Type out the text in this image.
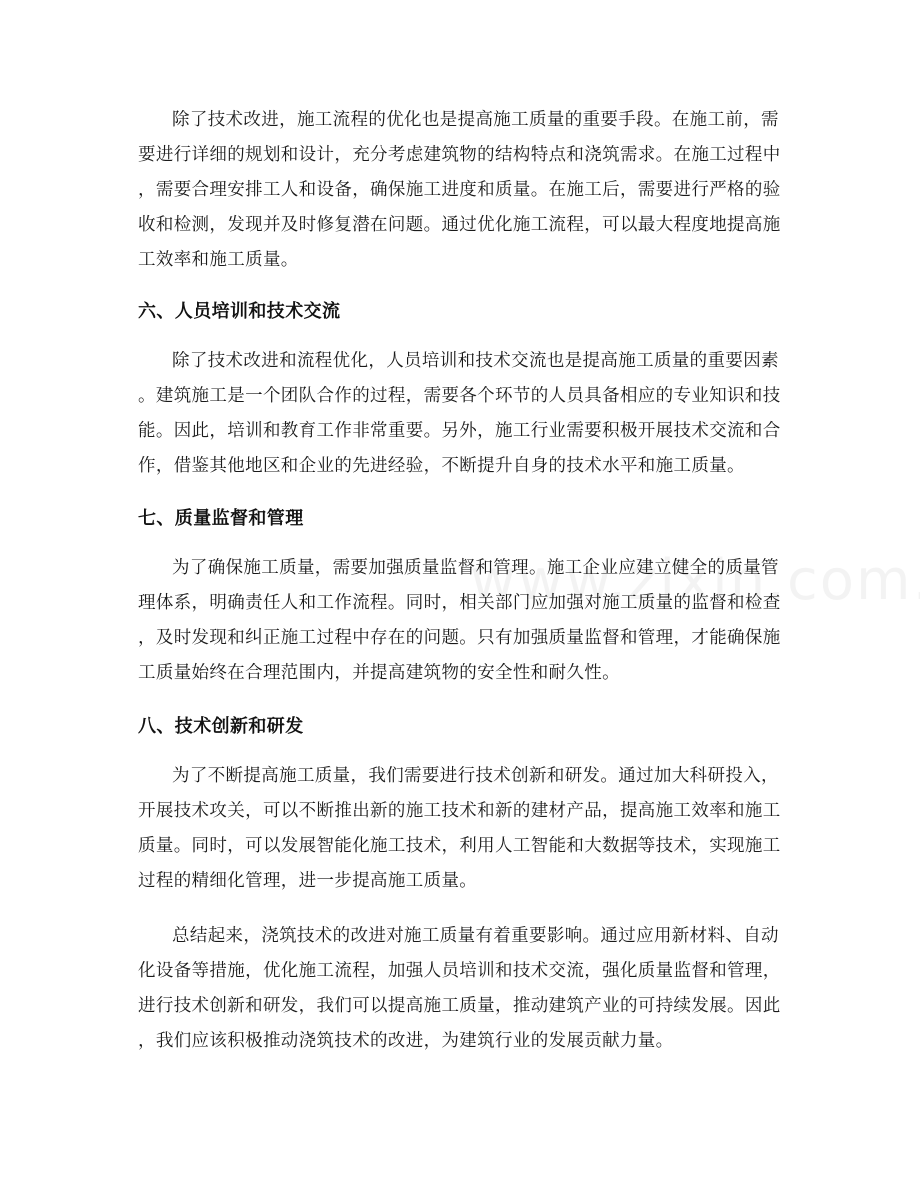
除了技术改进，施工流程的优化也是提高施工质量的重要手段。在施工前，需
要进行详细的规划和设计，充分考虑建筑物的结构特点和浇筑需求。在施工过程中
，需要合理安排工人和设备，确保施工进度和质量。在施工后，需要进行严格的验
收和检测，发现并及时修复潜在问题。通过优化施工流程，可以最大程度地提高施
工效率和施工质量。
六、人员培训和技术交流
除了技术改进和流程优化，人员培训和技术交流也是提高施工质量的重要因素
。建筑施工是一个团队合作的过程，需要各个环节的人员具备相应的专业知识和技
能。因此，培训和教育工作非常重要。另外，施工行业需要积极开展技术交流和合
作，借鉴其他地区和企业的先进经验，不断提升自身的技术水平和施工质量。
七、质量监督和管理
为了确保施工质量，需要加强质量监督和管理。施工企业应建立健全的质量管
理体系，明确责任人和工作流程。同时，相关部门应加强对施工质量的监督和检查
，及时发现和纠正施工过程中存在的问题。只有加强质量监督和管理，才能确保施
工质量始终在合理范围内，并提高建筑物的安全性和耐久性。
八、技术创新和研发
为了不断提高施工质量，我们需要进行技术创新和研发。通过加大科研投入，
开展技术攻关，可以不断推出新的施工技术和新的建材产品，提高施工效率和施工
质量。同时，可以发展智能化施工技术，利用人工智能和大数据等技术，实现施工
过程的精细化管理，进一步提高施工质量。
总结起来，浇筑技术的改进对施工质量有着重要影响。通过应用新材料、自动
化设备等措施，优化施工流程，加强人员培训和技术交流，强化质量监督和管理，
进行技术创新和研发，我们可以提高施工质量，推动建筑产业的可持续发展。因此
，我们应该积极推动浇筑技术的改进，为建筑行业的发展贡献力量。
